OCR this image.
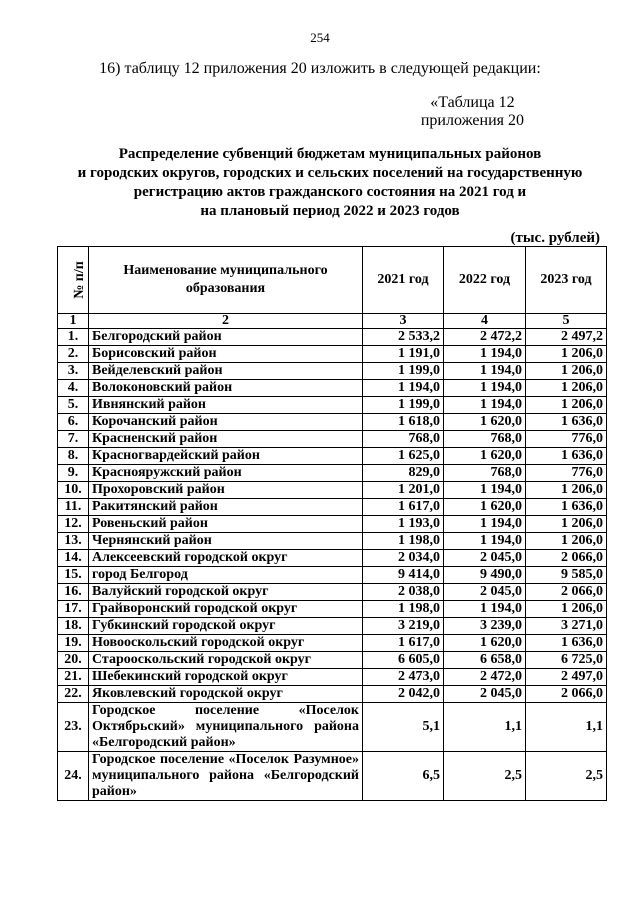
254
16) таблицу 12 приложения 20 изложить в следующей редакции:
«Таблица 12
приложения 20
Распределение субвенций бюджетам муниципальных районов
и городских округов, городских и сельских поселений на государственную
регистрацию актов гражданского состояния на 2021 год и
на плановый период 2022 и 2023 годов
(тыс. рублей)
№ п/п	Наименование муниципального образования	2021 год	2022 год	2023 год
1	2	3	4	5
1.	Белгородский район	2 533,2	2 472,2	2 497,2
2.	Борисовский район	1 191,0	1 194,0	1 206,0
3.	Вейделевский район	1 199,0	1 194,0	1 206,0
4.	Волоконовский район	1 194,0	1 194,0	1 206,0
5.	Ивнянский район	1 199,0	1 194,0	1 206,0
6.	Корочанский район	1 618,0	1 620,0	1 636,0
7.	Красненский район	768,0	768,0	776,0
8.	Красногвардейский район	1 625,0	1 620,0	1 636,0
9.	Краснояружский район	829,0	768,0	776,0
10.	Прохоровский район	1 201,0	1 194,0	1 206,0
11.	Ракитянский район	1 617,0	1 620,0	1 636,0
12.	Ровеньский район	1 193,0	1 194,0	1 206,0
13.	Чернянский район	1 198,0	1 194,0	1 206,0
14.	Алексеевский городской округ	2 034,0	2 045,0	2 066,0
15.	город Белгород	9 414,0	9 490,0	9 585,0
16.	Валуйский городской округ	2 038,0	2 045,0	2 066,0
17.	Грайворонский городской округ	1 198,0	1 194,0	1 206,0
18.	Губкинский городской округ	3 219,0	3 239,0	3 271,0
19.	Новооскольский городской округ	1 617,0	1 620,0	1 636,0
20.	Старооскольский городской округ	6 605,0	6 658,0	6 725,0
21.	Шебекинский городской округ	2 473,0	2 472,0	2 497,0
22.	Яковлевский городской округ	2 042,0	2 045,0	2 066,0
23.	Городское поселение «Поселок Октябрьский» муниципального района «Белгородский район»	5,1	1,1	1,1
24.	Городское поселение «Поселок Разумное» муниципального района «Белгородский район»	6,5	2,5	2,5
